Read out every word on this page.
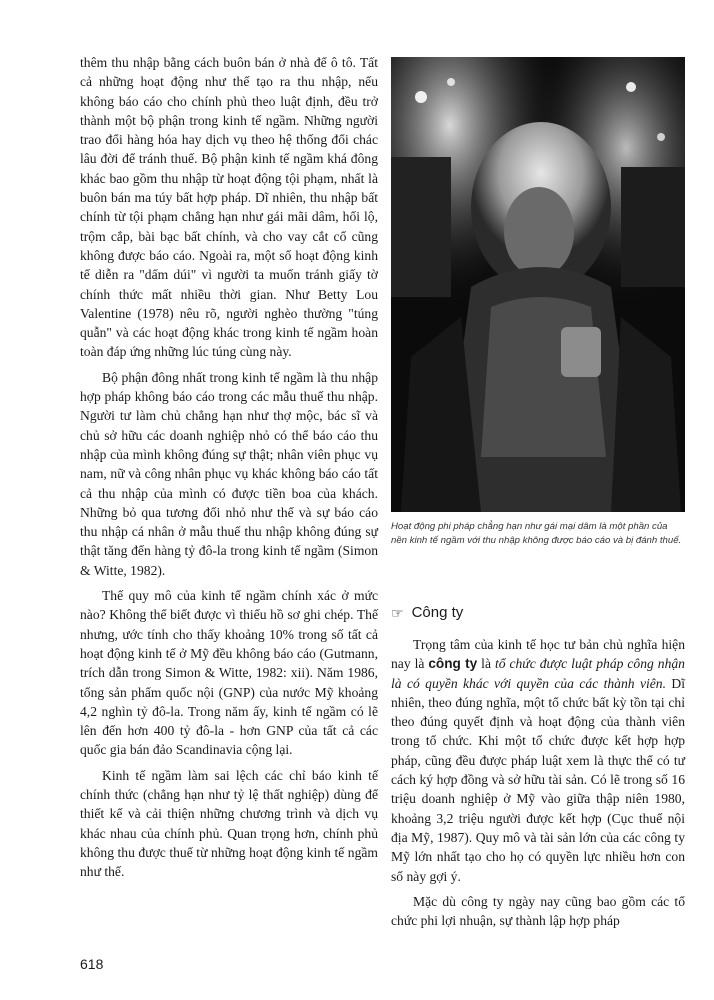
thêm thu nhập bằng cách buôn bán ở nhà để ô tô. Tất cả những hoạt động như thế tạo ra thu nhập, nếu không báo cáo cho chính phủ theo luật định, đều trở thành một bộ phận trong kinh tế ngầm. Những người trao đổi hàng hóa hay dịch vụ theo hệ thống đổi chác lâu đời để tránh thuế. Bộ phận kinh tế ngầm khá đông khác bao gồm thu nhập từ hoạt động tội phạm, nhất là buôn bán ma túy bất hợp pháp. Dĩ nhiên, thu nhập bất chính từ tội phạm chẳng hạn như gái mãi dâm, hối lộ, trộm cắp, bài bạc bất chính, và cho vay cắt cổ cũng không được báo cáo. Ngoài ra, một số hoạt động kinh tế diễn ra "dấm dúi" vì người ta muốn tránh giấy tờ chính thức mất nhiều thời gian. Như Betty Lou Valentine (1978) nêu rõ, người nghèo thường "túng quẫn" và các hoạt động khác trong kinh tế ngầm hoàn toàn đáp ứng những lúc túng cùng này.

Bộ phận đông nhất trong kinh tế ngầm là thu nhập hợp pháp không báo cáo trong các mẫu thuế thu nhập. Người tư làm chủ chẳng hạn như thợ mộc, bác sĩ và chủ sở hữu các doanh nghiệp nhỏ có thể báo cáo thu nhập của mình không đúng sự thật; nhân viên phục vụ nam, nữ và công nhân phục vụ khác không báo cáo tất cả thu nhập của mình có được tiền boa của khách. Những bỏ qua tương đối nhỏ như thế và sự báo cáo thu nhập cá nhân ở mẫu thuế thu nhập không đúng sự thật tăng đến hàng tỷ đô-la trong kinh tế ngầm (Simon & Witte, 1982).

Thế quy mô của kinh tế ngầm chính xác ở mức nào? Không thể biết được vì thiếu hồ sơ ghi chép. Thế nhưng, ước tính cho thấy khoảng 10% trong số tất cả hoạt động kinh tế ở Mỹ đều không báo cáo (Gutmann, trích dẫn trong Simon & Witte, 1982: xii). Năm 1986, tổng sản phẩm quốc nội (GNP) của nước Mỹ khoảng 4,2 nghìn tỷ đô-la. Trong năm ấy, kinh tế ngầm có lẽ lên đến hơn 400 tỷ đô-la - hơn GNP của tất cả các quốc gia bán đảo Scandinavia cộng lại.

Kinh tế ngầm làm sai lệch các chỉ báo kinh tế chính thức (chẳng hạn như tỷ lệ thất nghiệp) dùng để thiết kế và cải thiện những chương trình và dịch vụ khác nhau của chính phủ. Quan trọng hơn, chính phủ không thu được thuế từ những hoạt động kinh tế ngầm như thế.

Hoạt động phi pháp chẳng hạn như gái mại dâm là một phần của nền kinh tế ngầm với thu nhập không được báo cáo và bị đánh thuế.
☞ Công ty

Trọng tâm của kinh tế học tư bản chủ nghĩa hiện nay là công ty là tổ chức được luật pháp công nhận là có quyền khác với quyền của các thành viên. Dĩ nhiên, theo đúng nghĩa, một tổ chức bất kỳ tồn tại chỉ theo đúng quyết định và hoạt động của thành viên trong tổ chức. Khi một tổ chức được kết hợp hợp pháp, cũng đều được pháp luật xem là thực thể có tư cách ký hợp đồng và sở hữu tài sản. Có lẽ trong số 16 triệu doanh nghiệp ở Mỹ vào giữa thập niên 1980, khoảng 3,2 triệu người được kết hợp (Cục thuế nội địa Mỹ, 1987). Quy mô và tài sản lớn của các công ty Mỹ lớn nhất tạo cho họ có quyền lực nhiều hơn con số này gợi ý.

Mặc dù công ty ngày nay cũng bao gồm các tổ chức phi lợi nhuận, sự thành lập hợp pháp

618
